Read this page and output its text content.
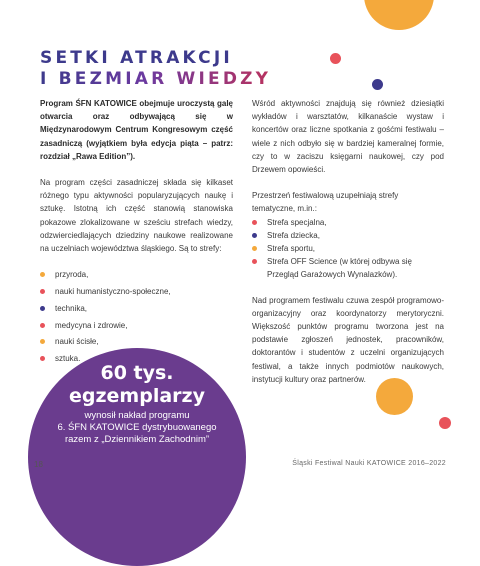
SETKI ATRAKCJI
I BEZMIAR WIEDZY

Program ŚFN KATOWICE obejmuje uroczystą galę otwarcia oraz odbywającą się w Międzynarodowym Centrum Kongresowym część zasadniczą (wyjątkiem była edycja piąta – patrz: rozdział „Rawa Edition”).

Na program części zasadniczej składa się kilkaset różnego typu aktywności popularyzujących naukę i sztukę. Istotną ich część stanowią stanowiska pokazowe zlokalizowane w sześciu strefach wiedzy, odzwierciedlających dziedziny naukowe realizowane na uczelniach województwa śląskiego. Są to strefy:

przyroda,
nauki humanistyczno-społeczne,
technika,
medycyna i zdrowie,
nauki ścisłe,
sztuka.

Wśród aktywności znajdują się również dziesiątki wykładów i warsztatów, kilkanaście wystaw i koncertów oraz liczne spotkania z gośćmi festiwalu – wiele z nich odbyło się w bardziej kameralnej formie, czy to w zaciszu księgarni naukowej, czy pod Drzewem opowieści.

Przestrzeń festiwalową uzupełniają strefy tematyczne, m.in.:

Strefa specjalna,
Strefa dziecka,
Strefa sportu,
Strefa OFF Science (w której odbywa się Przegląd Garażowych Wynalazków).

Nad programem festiwalu czuwa zespół programowo-organizacyjny oraz koordynatorzy merytoryczni. Większość punktów programu tworzona jest na podstawie zgłoszeń jednostek, pracowników, doktorantów i studentów z uczelni organizujących festiwal, a także innych podmiotów naukowych, instytucji kultury oraz partnerów.

60 tys.
egzemplarzy
wynosił nakład programu
6. ŚFN KATOWICE dystrybuowanego
razem z „Dziennikiem Zachodnim”
18	Śląski Festiwal Nauki KATOWICE 2016–2022
